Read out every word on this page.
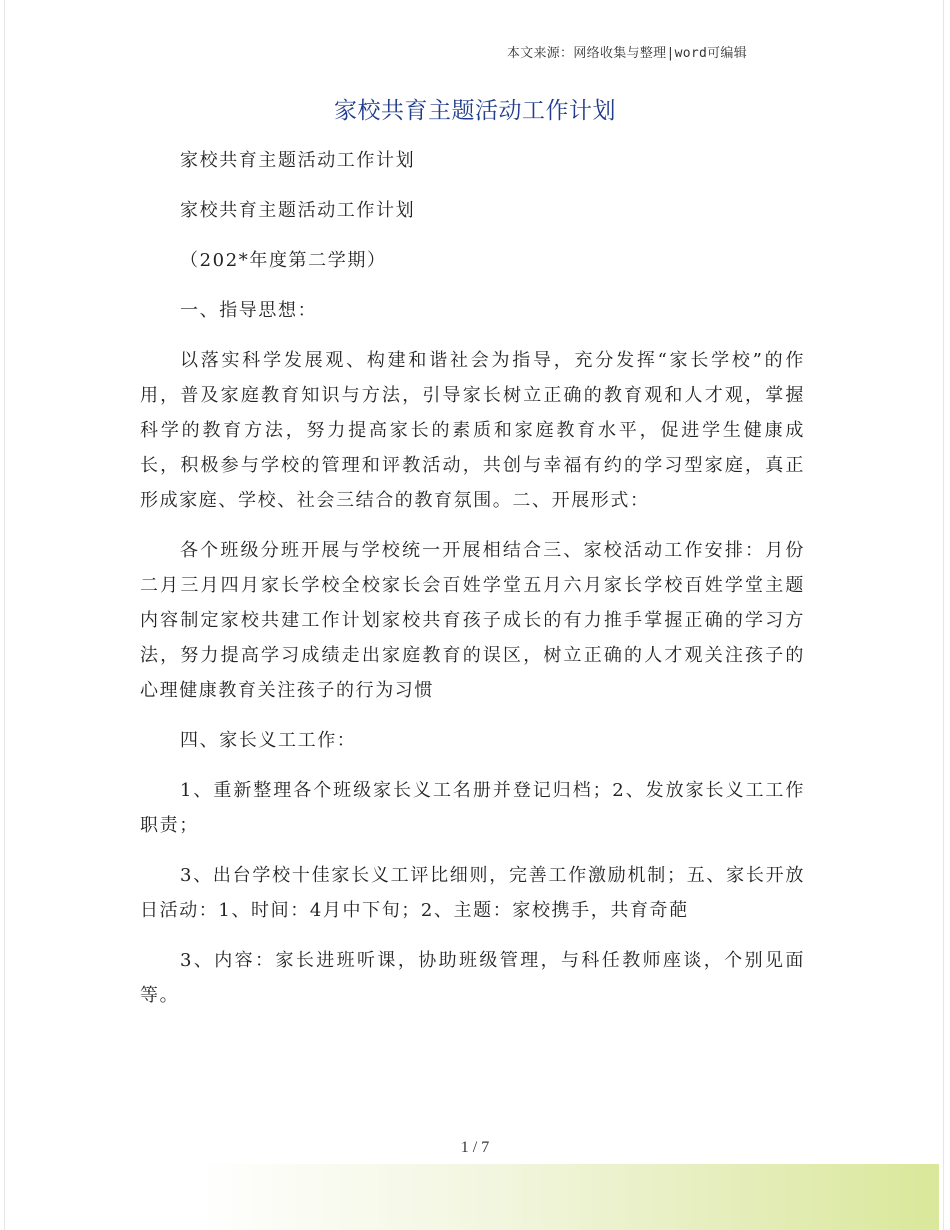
本文来源：网络收集与整理|word可编辑
家校共育主题活动工作计划

家校共育主题活动工作计划

家校共育主题活动工作计划

（202*年度第二学期）

一、指导思想：

以落实科学发展观、构建和谐社会为指导，充分发挥“家长学校”的作用，普及家庭教育知识与方法，引导家长树立正确的教育观和人才观，掌握科学的教育方法，努力提高家长的素质和家庭教育水平，促进学生健康成长，积极参与学校的管理和评教活动，共创与幸福有约的学习型家庭，真正形成家庭、学校、社会三结合的教育氛围。二、开展形式：

各个班级分班开展与学校统一开展相结合三、家校活动工作安排：月份二月三月四月家长学校全校家长会百姓学堂五月六月家长学校百姓学堂主题内容制定家校共建工作计划家校共育孩子成长的有力推手掌握正确的学习方法，努力提高学习成绩走出家庭教育的误区，树立正确的人才观关注孩子的心理健康教育关注孩子的行为习惯

四、家长义工工作：

1、重新整理各个班级家长义工名册并登记归档；2、发放家长义工工作职责；

3、出台学校十佳家长义工评比细则，完善工作激励机制；五、家长开放日活动：1、时间：4月中下旬；2、主题：家校携手，共育奇葩

3、内容：家长进班听课，协助班级管理，与科任教师座谈，个别见面等。

1 / 7
